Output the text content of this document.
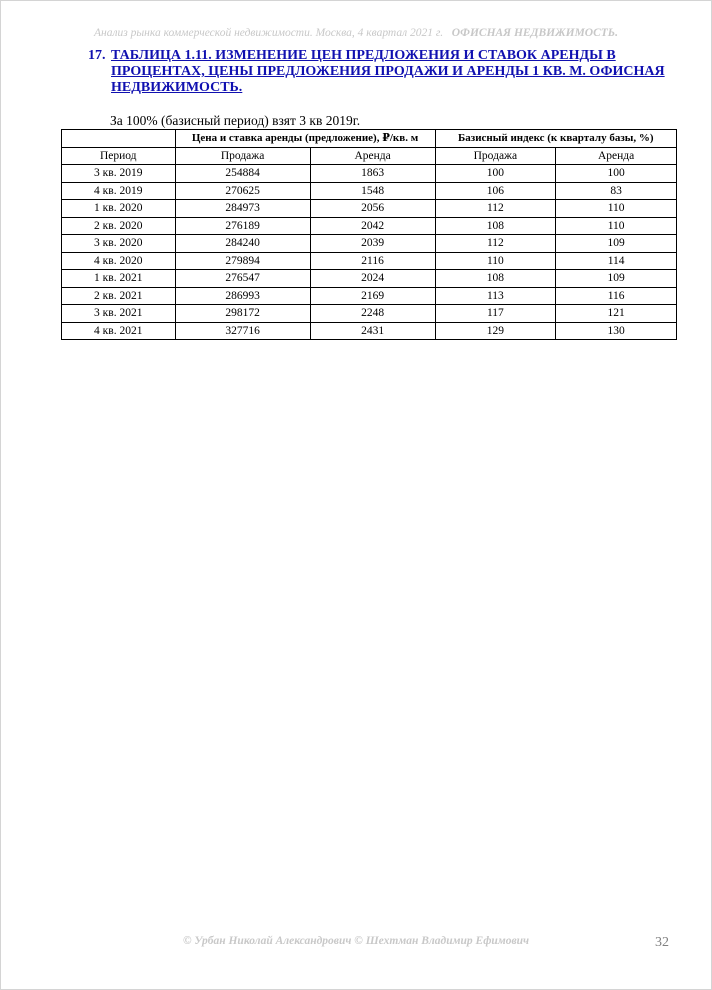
Анализ рынка коммерческой недвижимости. Москва, 4 квартал 2021 г. ОФИСНАЯ НЕДВИЖИМОСТЬ.
17. ТАБЛИЦА 1.11. ИЗМЕНЕНИЕ ЦЕН ПРЕДЛОЖЕНИЯ И СТАВОК АРЕНДЫ В ПРОЦЕНТАХ, ЦЕНЫ ПРЕДЛОЖЕНИЯ ПРОДАЖИ И АРЕНДЫ 1 КВ. М. ОФИСНАЯ НЕДВИЖИМОСТЬ.
За 100% (базисный период) взят 3 кв 2019г.
	Цена и ставка аренды (предложение), ₽/кв. м		Базисный индекс (к кварталу базы, %)	
Период	Продажа	Аренда	Продажа	Аренда
3 кв. 2019	254884	1863	100	100
4 кв. 2019	270625	1548	106	83
1 кв. 2020	284973	2056	112	110
2 кв. 2020	276189	2042	108	110
3 кв. 2020	284240	2039	112	109
4 кв. 2020	279894	2116	110	114
1 кв. 2021	276547	2024	108	109
2 кв. 2021	286993	2169	113	116
3 кв. 2021	298172	2248	117	121
4 кв. 2021	327716	2431	129	130
© Урбан Николай Александрович © Шехтман Владимир Ефимович	32
